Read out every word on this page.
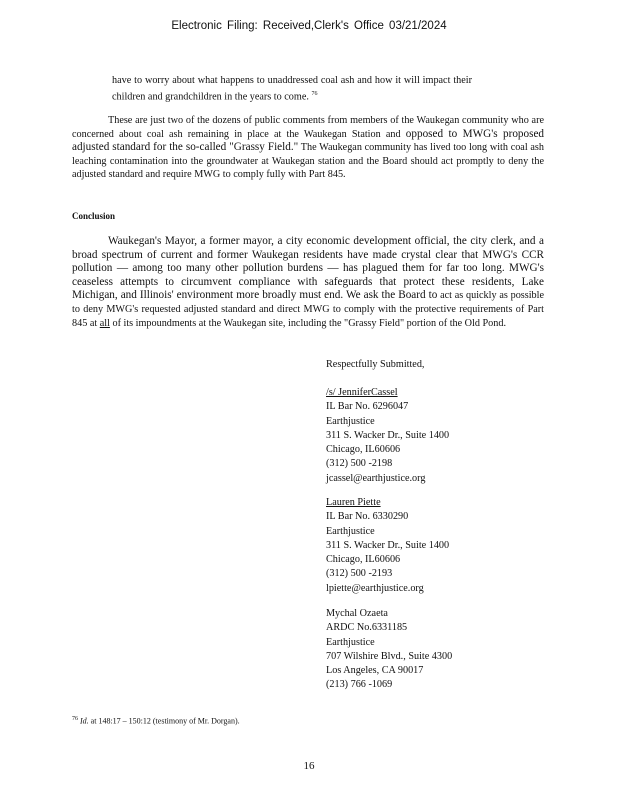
Electronic Filing: Received,Clerk's Office 03/21/2024
have to worry about what happens to unaddressed coal ash and how it will impact their children and grandchildren in the years to come. $^{76}$
These are just two of the dozens of public comments from members of the Waukegan community who are concerned about coal ash remaining in place at the Waukegan Station and opposed to MWG's proposed adjusted standard for the so-called "Grassy Field." The Waukegan community has lived too long with coal ash leaching contamination into the groundwater at Waukegan station and the Board should act promptly to deny the adjusted standard and require MWG to comply fully with Part 845.
Conclusion
Waukegan's Mayor, a former mayor, a city economic development official, the city clerk, and a broad spectrum of current and former Waukegan residents have made crystal clear that MWG's CCR pollution — among too many other pollution burdens — has plagued them for far too long. MWG's ceaseless attempts to circumvent compliance with safeguards that protect these residents, Lake Michigan, and Illinois' environment more broadly must end. We ask the Board to act as quickly as possible to deny MWG's requested adjusted standard and direct MWG to comply with the protective requirements of Part 845 at all of its impoundments at the Waukegan site, including the "Grassy Field" portion of the Old Pond.
Respectfully Submitted,
/s/ JenniferCassel
IL Bar No. 6296047
Earthjustice
311 S. Wacker Dr., Suite 1400
Chicago, IL60606
(312) 500 -2198
jcassel@earthjustice.org
Lauren Piette
IL Bar No. 6330290
Earthjustice
311 S. Wacker Dr., Suite 1400
Chicago, IL60606
(312) 500 -2193
lpiette@earthjustice.org
Mychal Ozaeta
ARDC No.6331185
Earthjustice
707 Wilshire Blvd., Suite 4300
Los Angeles, CA 90017
(213) 766 -1069
$^{76}$ Id. at 148:17 – 150:12 (testimony of Mr. Dorgan).
16
